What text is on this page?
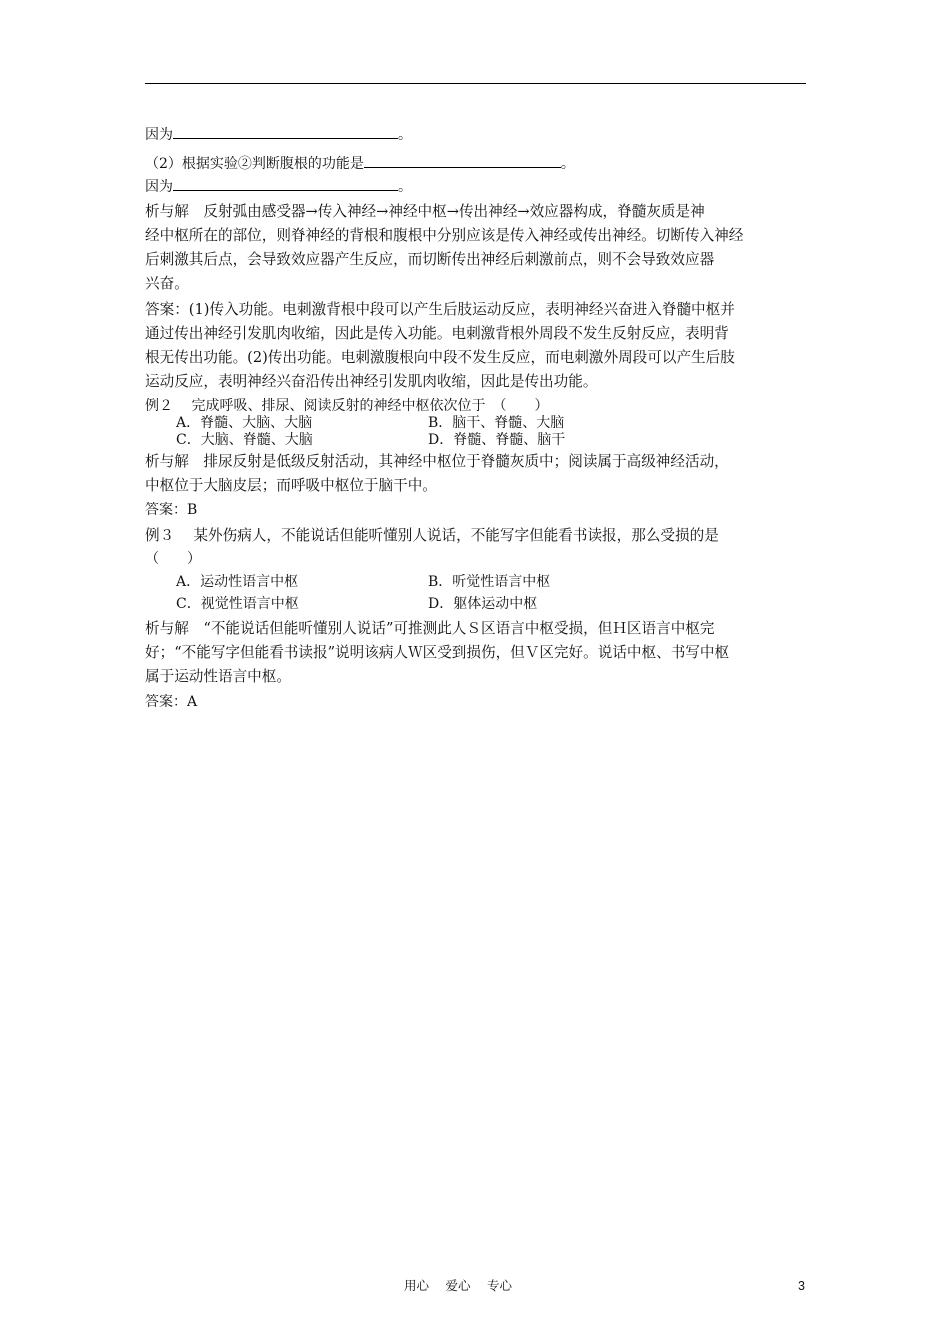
因为	。
（2）根据实验②判断腹根的功能是	。
因为	。
析与解　反射弧由感受器→传入神经→神经中枢→传出神经→效应器构成，脊髓灰质是神
经中枢所在的部位，则脊神经的背根和腹根中分别应该是传入神经或传出神经。切断传入神经
后刺激其后点，会导致效应器产生反应，而切断传出神经后刺激前点，则不会导致效应器
兴奋。
答案：(1)传入功能。电刺激背根中段可以产生后肢运动反应，表明神经兴奋进入脊髓中枢并
通过传出神经引发肌肉收缩，因此是传入功能。电刺激背根外周段不发生反射反应，表明背
根无传出功能。(2)传出功能。电刺激腹根向中段不发生反应，而电刺激外周段可以产生后肢
运动反应，表明神经兴奋沿传出神经引发肌肉收缩，因此是传出功能。
例２　 完成呼吸、排尿、阅读反射的神经中枢依次位于　（　　）
A．脊髓、大脑、大脑	B．脑干、脊髓、大脑
C．大脑、脊髓、大脑	D．脊髓、脊髓、脑干
析与解　排尿反射是低级反射活动，其神经中枢位于脊髓灰质中；阅读属于高级神经活动，
中枢位于大脑皮层；而呼吸中枢位于脑干中。
答案：B
例３　 某外伤病人，不能说话但能听懂别人说话，不能写字但能看书读报，那么受损的是
（　　）
A．运动性语言中枢	B．听觉性语言中枢
C．视觉性语言中枢	D．躯体运动中枢
析与解　“不能说话但能听懂别人说话”可推测此人Ｓ区语言中枢受损，但Ｈ区语言中枢完
好；“不能写字但能看书读报”说明该病人Ｗ区受到损伤，但Ｖ区完好。说话中枢、书写中枢
属于运动性语言中枢。
答案：A
用心　 爱心　 专心	3
